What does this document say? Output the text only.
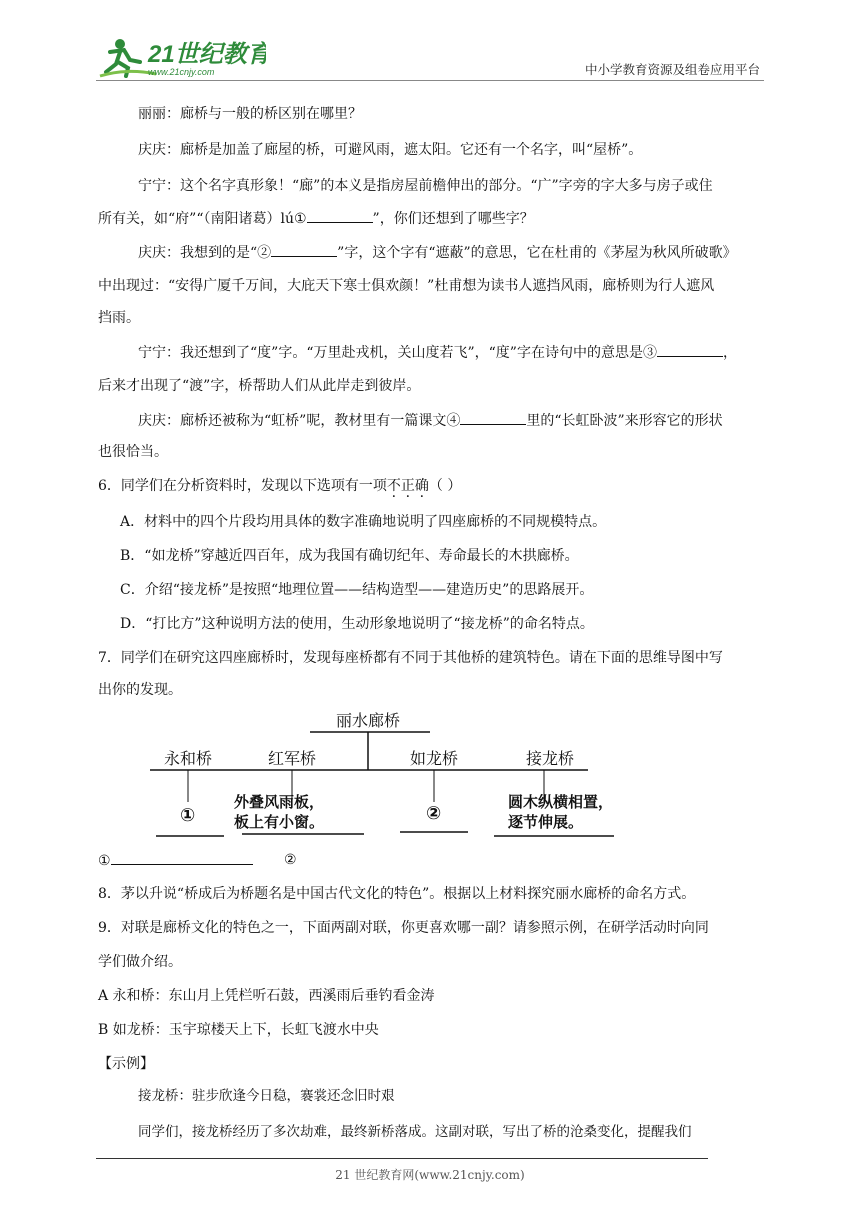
21世纪教育
www.21cnjy.com	中小学教育资源及组卷应用平台
丽丽：廊桥与一般的桥区别在哪里？
庆庆：廊桥是加盖了廊屋的桥，可避风雨，遮太阳。它还有一个名字，叫“屋桥”。
宁宁：这个名字真形象！“廊”的本义是指房屋前檐伸出的部分。“广”字旁的字大多与房子或住
所有关，如“府”“（南阳诸葛）lú①	”，你们还想到了哪些字？
庆庆：我想到的是“②	”字，这个字有“遮蔽”的意思，它在杜甫的《茅屋为秋风所破歌》
中出现过：“安得广厦千万间，大庇天下寒士俱欢颜！”杜甫想为读书人遮挡风雨，廊桥则为行人遮风
挡雨。
宁宁：我还想到了“度”字。“万里赴戎机，关山度若飞”，“度”字在诗句中的意思是③	，
后来才出现了“渡”字，桥帮助人们从此岸走到彼岸。
庆庆：廊桥还被称为“虹桥”呢，教材里有一篇课文④	里的“长虹卧波”来形容它的形状
也很恰当。
6．同学们在分析资料时，发现以下选项有一项不正确（ ）
A．材料中的四个片段均用具体的数字准确地说明了四座廊桥的不同规模特点。
B．“如龙桥”穿越近四百年，成为我国有确切纪年、寿命最长的木拱廊桥。
C．介绍“接龙桥”是按照“地理位置——结构造型——建造历史”的思路展开。
D．“打比方”这种说明方法的使用，生动形象地说明了“接龙桥”的命名特点。
7．同学们在研究这四座廊桥时，发现每座桥都有不同于其他桥的建筑特色。请在下面的思维导图中写
出你的发现。
丽水廊桥
永和桥	红军桥	如龙桥	接龙桥
①
外叠风雨板，
板上有小窗。	②
圆木纵横相置，
逐节伸展。
①	②
8．茅以升说“桥成后为桥题名是中国古代文化的特色”。根据以上材料探究丽水廊桥的命名方式。
9．对联是廊桥文化的特色之一，下面两副对联，你更喜欢哪一副？请参照示例，在研学活动时向同
学们做介绍。
A 永和桥：东山月上凭栏听石鼓，西溪雨后垂钓看金涛
B 如龙桥：玉宇琼楼天上下，长虹飞渡水中央
【示例】
接龙桥：驻步欣逢今日稳，褰裳还念旧时艰
同学们，接龙桥经历了多次劫难，最终新桥落成。这副对联，写出了桥的沧桑变化，提醒我们
21 世纪教育网(www.21cnjy.com)
